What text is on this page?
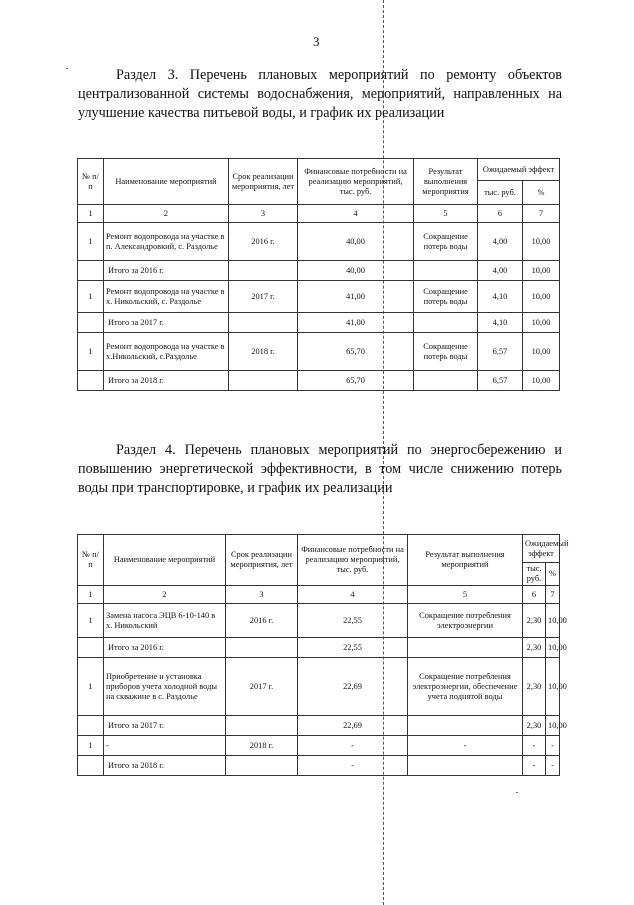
3
Раздел 3. Перечень плановых мероприятий по ремонту объектов централизованной системы водоснабжения, мероприятий, направленных на улучшение качества питьевой воды, и график их реализации
№ п/п	Наименование мероприятий	Срок реализации мероприятия, лет	Финансовые потребности на реализацию мероприятий, тыс. руб.	Результат выполнения мероприятия	Ожидаемый эффект	
					тыс. руб.	%
1	2	3	4	5	6	7
1	Ремонт водопровода на участке в п. Александровкий, с. Раздолье	2016 г.	40,00	Сокращение потерь воды	4,00	10,00
	Итого за 2016 г.		40,00		4,00	10,00
1	Ремонт водопровода на участке в х. Никольский, с. Раздолье	2017 г.	41,00	Сокращение потерь воды	4,10	10,00
	Итого за 2017 г.		41,00		4,10	10,00
1	Ремонт водопровода на участке в х.Никольский, с.Раздолье	2018 г.	65,70	Сокращение потерь воды	6,57	10,00
	Итого за 2018 г.		65,70		6,57	10,00
Раздел 4. Перечень плановых мероприятий по энергосбережению и повышению энергетической эффективности, в том числе снижению потерь воды при транспортировке, и график их реализации
№ п/п	Наименование мероприятий	Срок реализации мероприятия, лет	Финансовые потребности на реализацию мероприятий, тыс. руб.	Результат выполнения мероприятий	Ожидаемый эффект	
					тыс. руб.	%
1	2	3	4	5	6	7
1	Замена насоса ЭЦВ 6-10-140 в х. Никольский	2016 г.	22,55	Сокращение потребления электроэнергии	2,30	10,00
	Итого за 2016 г.		22,55		2,30	10,00
1	Приобретение и установка приборов учета холодной воды на скважине в с. Раздолье	2017 г.	22,69	Сокращение потребления электроэнергии, обеспечение учета поднятой воды	2,30	10,00
	Итого за 2017 г.		22,69		2,30	10,00
1	-	2018 г.	-	-	-	-
	Итого за 2018 г.		-		-	-
